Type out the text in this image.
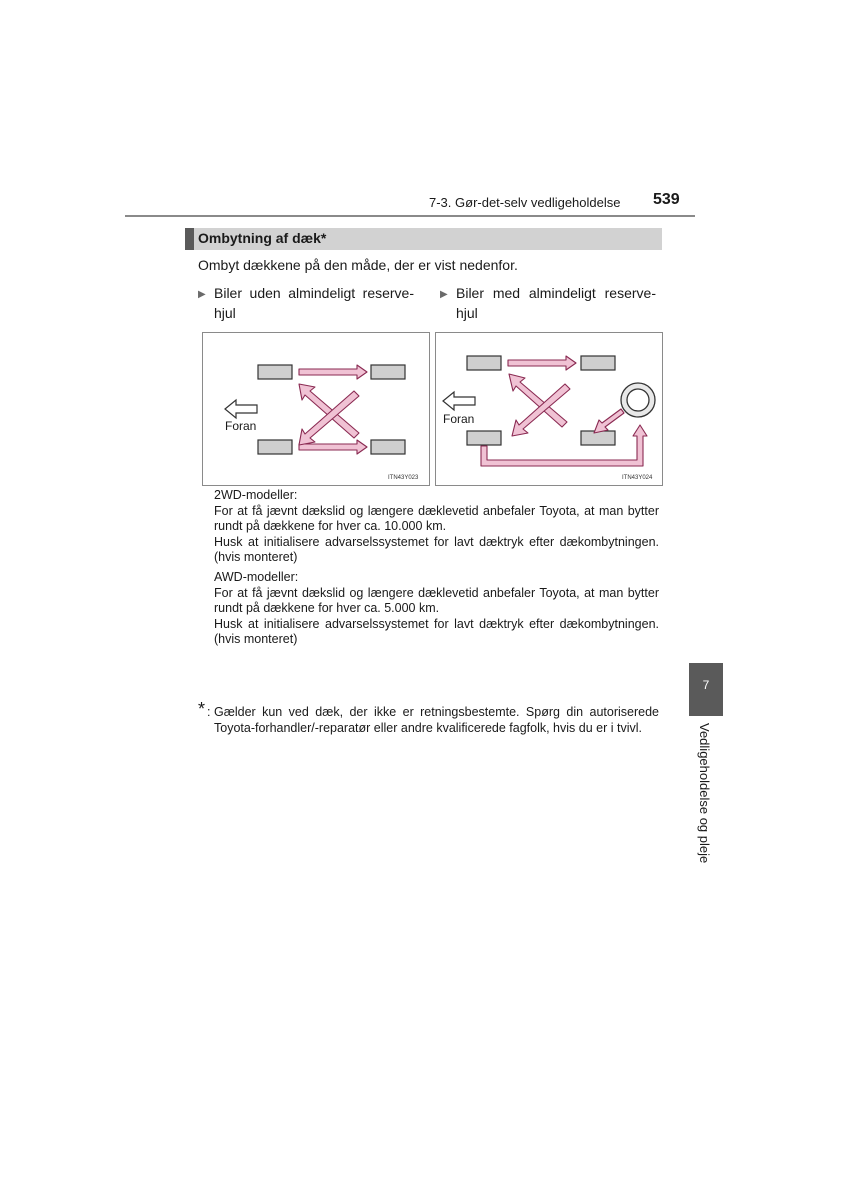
7-3. Gør-det-selv vedligeholdelse 539
Ombytning af dæk*
Ombyt dækkene på den måde, der er vist nedenfor.
▶ Biler uden almindeligt reserve-
hjul
▶ Biler med almindeligt reserve-
hjul
Foran
ITN43Y023
Foran
ITN43Y024

2WD-modeller:

For at få jævnt dækslid og længere dæklevetid anbefaler Toyota, at man bytter rundt på dækkene for hver ca. 10.000 km.

Husk at initialisere advarselssystemet for lavt dæktryk efter dækombytningen. (hvis monteret)

AWD-modeller:

For at få jævnt dækslid og længere dæklevetid anbefaler Toyota, at man bytter rundt på dækkene for hver ca. 5.000 km.

Husk at initialisere advarselssystemet for lavt dæktryk efter dækombytningen. (hvis monteret)

* : Gælder kun ved dæk, der ikke er retningsbestemte. Spørg din autoriserede Toyota-forhandler/-reparatør eller andre kvalificerede fagfolk, hvis du er i tvivl.
7
Vedligeholdelse og pleje
